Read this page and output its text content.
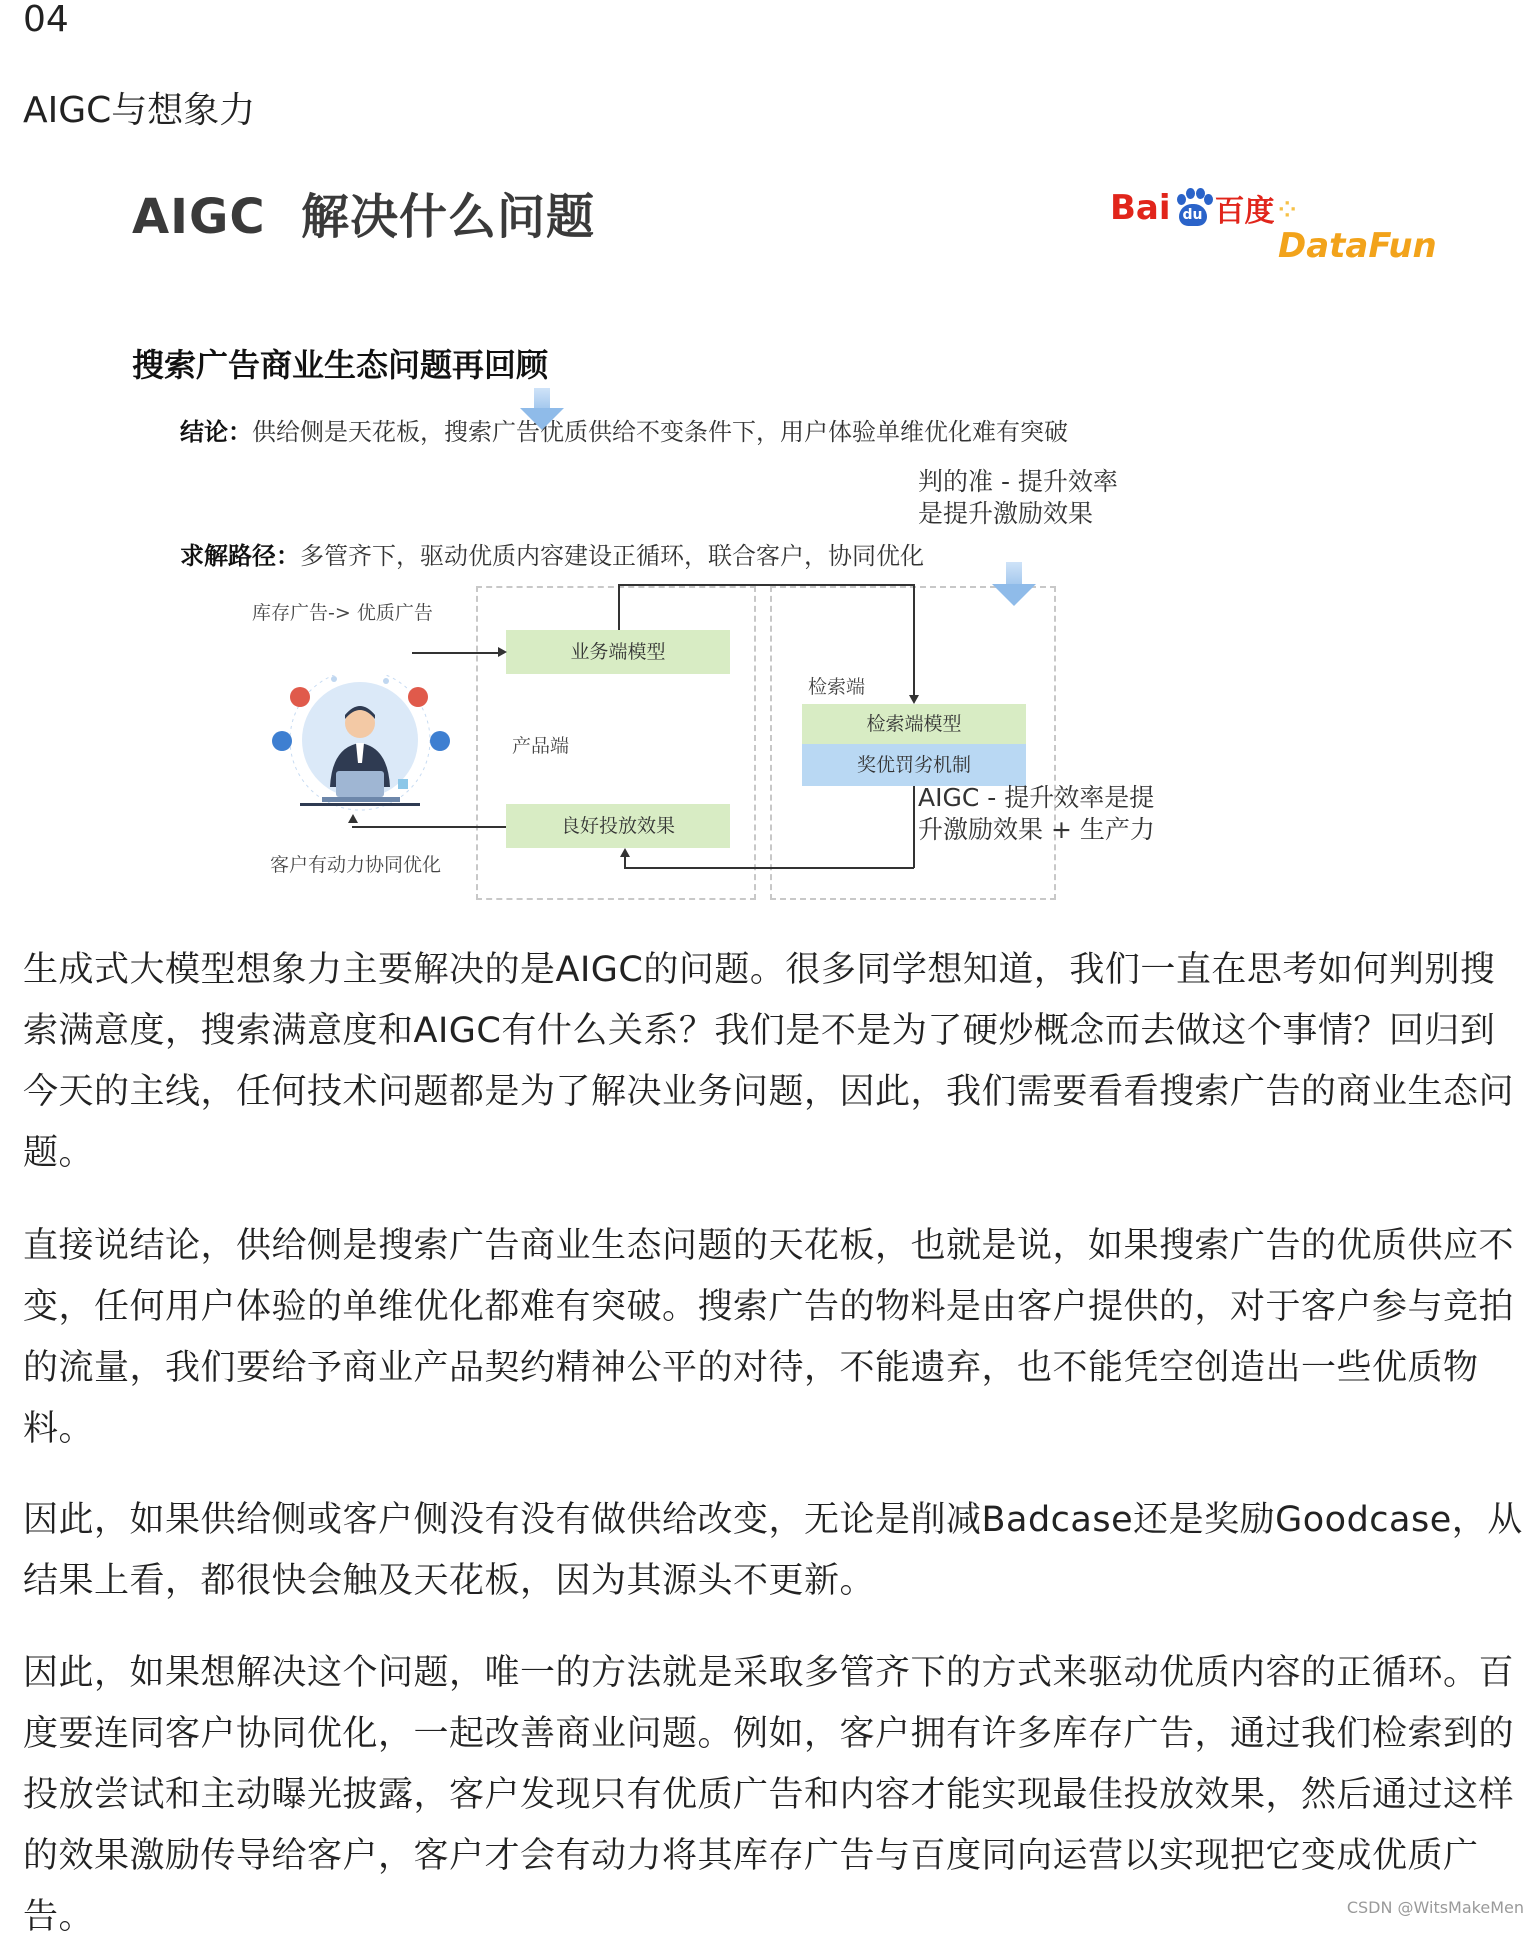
04
AIGC与想象力
AIGC  解决什么问题	Bai du 百度 ⁘DataFun
搜索广告商业生态问题再回顾
结论：供给侧是天花板，搜索广告优质供给不变条件下，用户体验单维优化难有突破
求解路径：多管齐下，驱动优质内容建设正循环，联合客户，协同优化
库存广告-> 优质广告
业务端模型
产品端
良好投放效果
检索端
检索端模型
奖优罚劣机制
客户有动力协同优化
判的准 - 提升效率
是提升激励效果
AIGC - 提升效率是提
升激励效果 + 生产力

生成式大模型想象力主要解决的是AIGC的问题。很多同学想知道，我们一直在思考如何判别搜索满意度，搜索满意度和AIGC有什么关系？我们是不是为了硬炒概念而去做这个事情？回归到今天的主线，任何技术问题都是为了解决业务问题，因此，我们需要看看搜索广告的商业生态问题。

直接说结论，供给侧是搜索广告商业生态问题的天花板，也就是说，如果搜索广告的优质供应不变，任何用户体验的单维优化都难有突破。搜索广告的物料是由客户提供的，对于客户参与竞拍的流量，我们要给予商业产品契约精神公平的对待，不能遗弃，也不能凭空创造出一些优质物料。

因此，如果供给侧或客户侧没有没有做供给改变，无论是削减Badcase还是奖励Goodcase，从结果上看，都很快会触及天花板，因为其源头不更新。

因此，如果想解决这个问题，唯一的方法就是采取多管齐下的方式来驱动优质内容的正循环。百度要连同客户协同优化，一起改善商业问题。例如，客户拥有许多库存广告，通过我们检索到的投放尝试和主动曝光披露，客户发现只有优质广告和内容才能实现最佳投放效果，然后通过这样的效果激励传导给客户，客户才会有动力将其库存广告与百度同向运营以实现把它变成优质广告。	CSDN @WitsMakeMen
